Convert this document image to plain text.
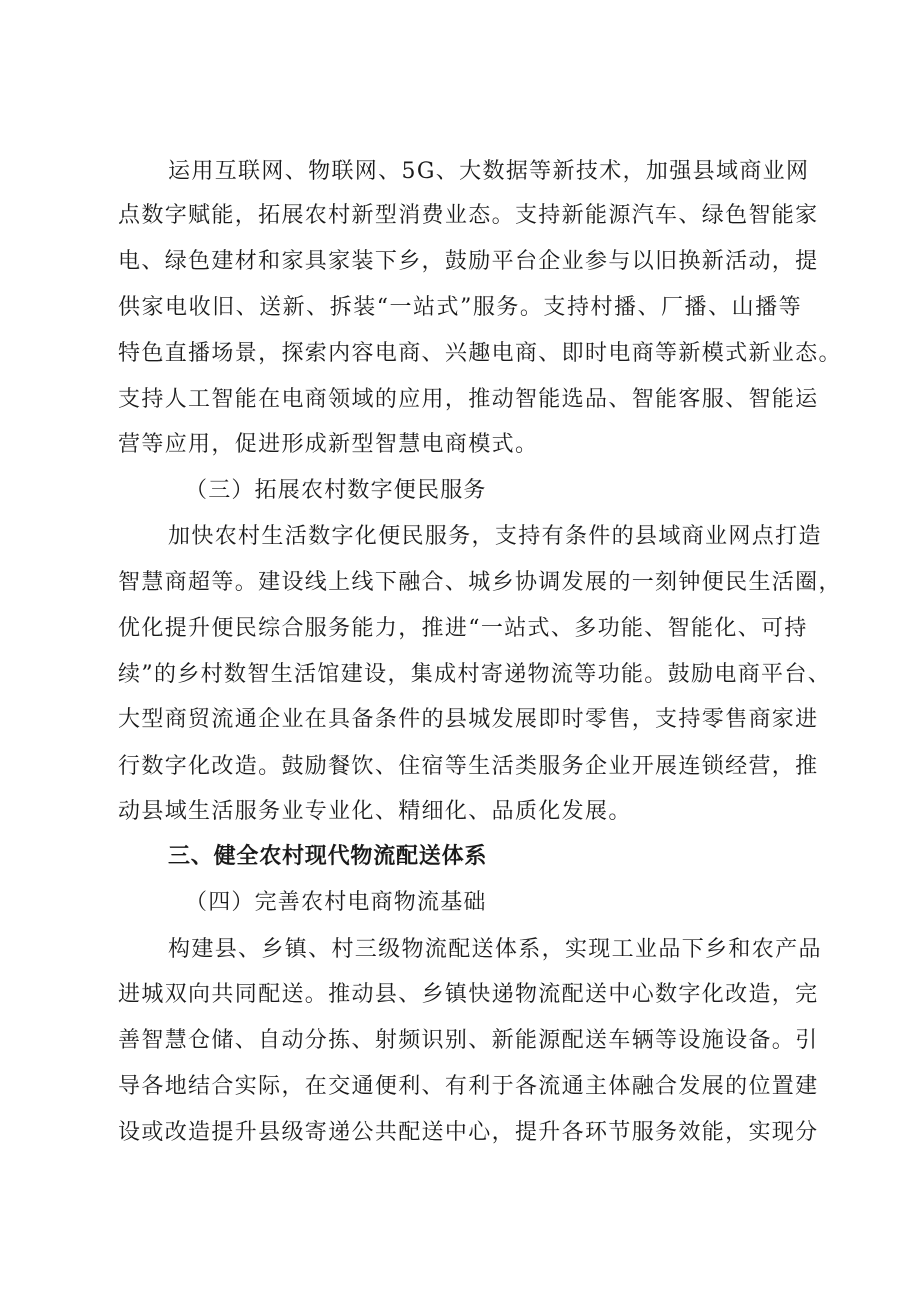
运用互联网、物联网、5G、大数据等新技术，加强县域商业网
点数字赋能，拓展农村新型消费业态。支持新能源汽车、绿色智能家
电、绿色建材和家具家装下乡，鼓励平台企业参与以旧换新活动，提
供家电收旧、送新、拆装“一站式”服务。支持村播、厂播、山播等
特色直播场景，探索内容电商、兴趣电商、即时电商等新模式新业态。
支持人工智能在电商领域的应用，推动智能选品、智能客服、智能运
营等应用，促进形成新型智慧电商模式。
（三）拓展农村数字便民服务
加快农村生活数字化便民服务，支持有条件的县域商业网点打造
智慧商超等。建设线上线下融合、城乡协调发展的一刻钟便民生活圈，
优化提升便民综合服务能力，推进“一站式、多功能、智能化、可持
续”的乡村数智生活馆建设，集成村寄递物流等功能。鼓励电商平台、
大型商贸流通企业在具备条件的县城发展即时零售，支持零售商家进
行数字化改造。鼓励餐饮、住宿等生活类服务企业开展连锁经营，推
动县域生活服务业专业化、精细化、品质化发展。
三、健全农村现代物流配送体系
（四）完善农村电商物流基础
构建县、乡镇、村三级物流配送体系，实现工业品下乡和农产品
进城双向共同配送。推动县、乡镇快递物流配送中心数字化改造，完
善智慧仓储、自动分拣、射频识别、新能源配送车辆等设施设备。引
导各地结合实际，在交通便利、有利于各流通主体融合发展的位置建
设或改造提升县级寄递公共配送中心，提升各环节服务效能，实现分
